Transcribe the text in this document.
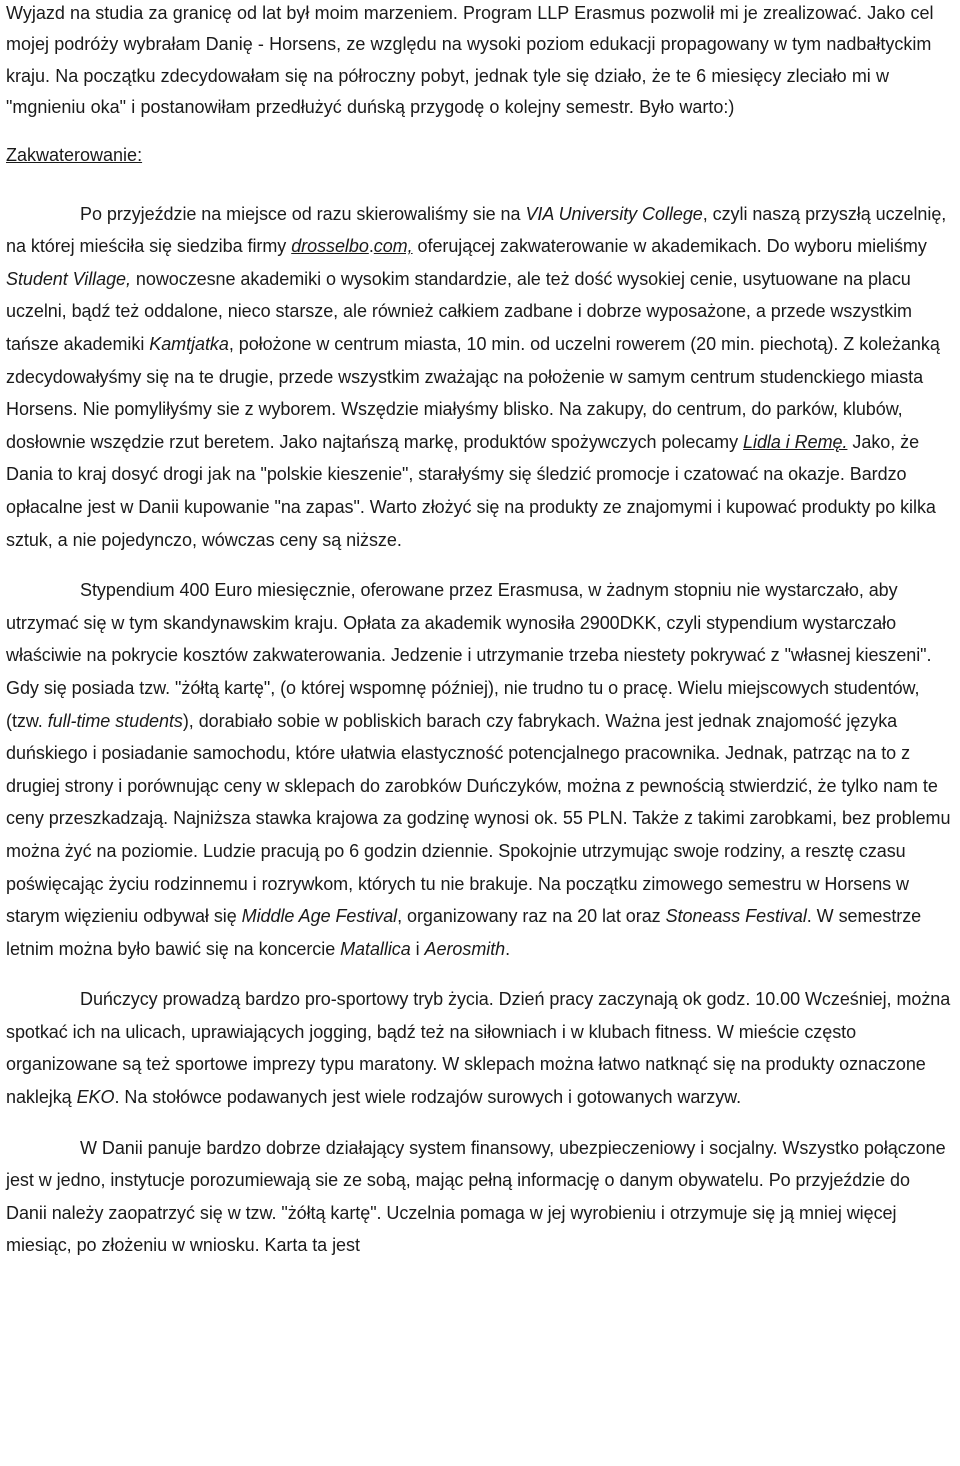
Wyjazd na studia za granicę od lat był moim marzeniem. Program LLP Erasmus pozwolił mi je zrealizować. Jako cel mojej podróży wybrałam Danię - Horsens, ze względu na wysoki poziom edukacji propagowany w tym nadbałtyckim kraju. Na początku zdecydowałam się na półroczny pobyt, jednak tyle się działo, że te 6 miesięcy zleciało mi w "mgnieniu oka" i postanowiłam przedłużyć duńską przygodę o kolejny semestr. Było warto:)

Zakwaterowanie:

Po przyjeździe na miejsce od razu skierowaliśmy sie na VIA University College, czyli naszą przyszłą uczelnię, na której mieściła się siedziba firmy drosselbo.com, oferującej zakwaterowanie w akademikach. Do wyboru mieliśmy Student Village, nowoczesne akademiki o wysokim standardzie, ale też dość wysokiej cenie, usytuowane na placu uczelni, bądź też oddalone, nieco starsze, ale również całkiem zadbane i dobrze wyposażone, a przede wszystkim tańsze akademiki Kamtjatka, położone w centrum miasta, 10 min. od uczelni rowerem (20 min. piechotą). Z koleżanką zdecydowałyśmy się na te drugie, przede wszystkim zważając na położenie w samym centrum studenckiego miasta Horsens. Nie pomyliłyśmy sie z wyborem. Wszędzie miałyśmy blisko. Na zakupy, do centrum, do parków, klubów, dosłownie wszędzie rzut beretem. Jako najtańszą markę, produktów spożywczych polecamy Lidla i Remę. Jako, że Dania to kraj dosyć drogi jak na "polskie kieszenie", starałyśmy się śledzić promocje i czatować na okazje. Bardzo opłacalne jest w Danii kupowanie "na zapas". Warto złożyć się na produkty ze znajomymi i kupować produkty po kilka sztuk, a nie pojedynczo, wówczas ceny są niższe.

Stypendium 400 Euro miesięcznie, oferowane przez Erasmusa, w żadnym stopniu nie wystarczało, aby utrzymać się w tym skandynawskim kraju. Opłata za akademik wynosiła 2900DKK, czyli stypendium wystarczało właściwie na pokrycie kosztów zakwaterowania. Jedzenie i utrzymanie trzeba niestety pokrywać z "własnej kieszeni". Gdy się posiada tzw. "żółtą kartę", (o której wspomnę później), nie trudno tu o pracę. Wielu miejscowych studentów, (tzw. full-time students), dorabiało sobie w pobliskich barach czy fabrykach. Ważna jest jednak znajomość języka duńskiego i posiadanie samochodu, które ułatwia elastyczność potencjalnego pracownika. Jednak, patrząc na to z drugiej strony i porównując ceny w sklepach do zarobków Duńczyków, można z pewnością stwierdzić, że tylko nam te ceny przeszkadzają. Najniższa stawka krajowa za godzinę wynosi ok. 55 PLN. Także z takimi zarobkami, bez problemu można żyć na poziomie. Ludzie pracują po 6 godzin dziennie. Spokojnie utrzymując swoje rodziny, a resztę czasu poświęcając życiu rodzinnemu i rozrywkom, których tu nie brakuje. Na początku zimowego semestru w Horsens w starym więzieniu odbywał się Middle Age Festival, organizowany raz na 20 lat oraz Stoneass Festival. W semestrze letnim można było bawić się na koncercie Matallica i Aerosmith.

Duńczycy prowadzą bardzo pro-sportowy tryb życia. Dzień pracy zaczynają ok godz. 10.00 Wcześniej, można spotkać ich na ulicach, uprawiających jogging, bądź też na siłowniach i w klubach fitness. W mieście często organizowane są też sportowe imprezy typu maratony. W sklepach można łatwo natknąć się na produkty oznaczone naklejką EKO. Na stołówce podawanych jest wiele rodzajów surowych i gotowanych warzyw.

W Danii panuje bardzo dobrze działający system finansowy, ubezpieczeniowy i socjalny. Wszystko połączone jest w jedno, instytucje porozumiewają sie ze sobą, mając pełną informację o danym obywatelu. Po przyjeździe do Danii należy zaopatrzyć się w tzw. "żółtą kartę". Uczelnia pomaga w jej wyrobieniu i otrzymuje się ją mniej więcej miesiąc, po złożeniu w wniosku. Karta ta jest
